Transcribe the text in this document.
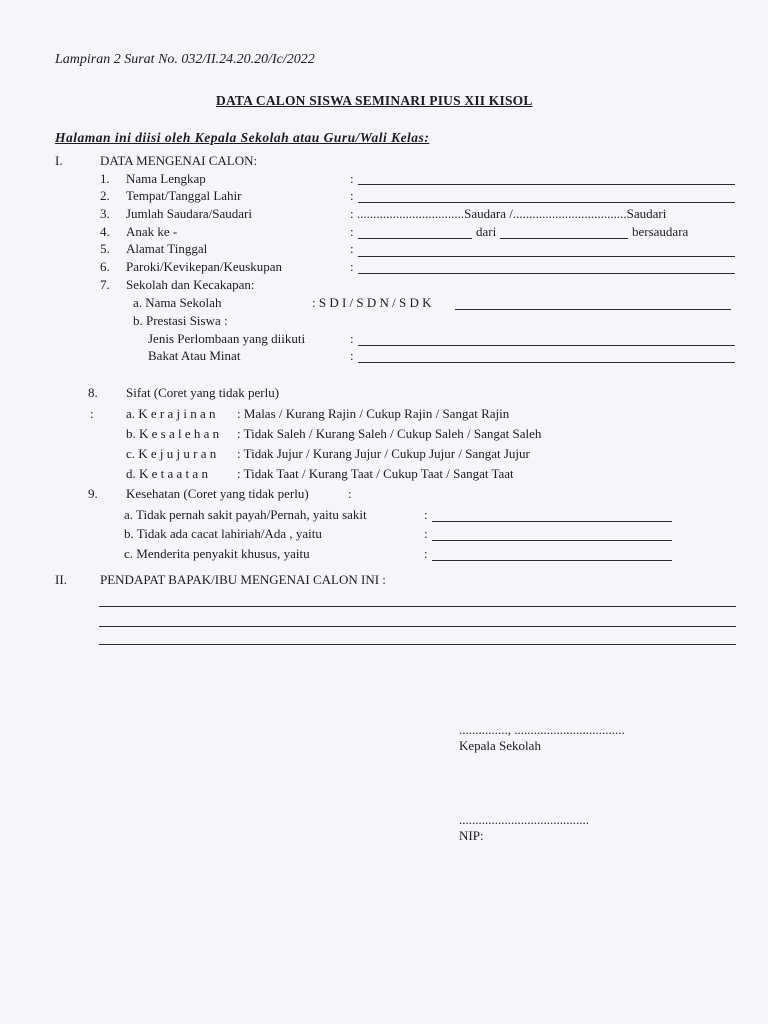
Lampiran 2 Surat No. 032/II.24.20.20/Ic/2022
DATA CALON SISWA SEMINARI PIUS XII KISOL
Halaman ini diisi oleh Kepala Sekolah atau Guru/Wali Kelas:
I.	DATA MENGENAI CALON:
1. Nama Lengkap	:
2. Tempat/Tanggal Lahir	:
3. Jumlah Saudara/Saudari	: .................................Saudara /...................................Saudari
4. Anak ke -	:	dari	bersaudara
5. Alamat Tinggal	:
6. Paroki/Kevikepan/Keuskupan	:
7. Sekolah dan Kecakapan:
a. Nama Sekolah	: S D I / S D N / S D K
b. Prestasi Siswa :
Jenis Perlombaan yang diikuti	:
Bakat Atau Minat	:
8. Sifat (Coret yang tidak perlu)
: a. K e r a j i n a n : Malas / Kurang Rajin / Cukup Rajin / Sangat Rajin
b. K e s a l e h a n : Tidak Saleh / Kurang Saleh / Cukup Saleh / Sangat Saleh
c. K e j u j u r a n : Tidak Jujur / Kurang Jujur / Cukup Jujur / Sangat Jujur
d. K e t a a t a n : Tidak Taat / Kurang Taat / Cukup Taat / Sangat Taat
9. Kesehatan (Coret yang tidak perlu)	:
a. Tidak pernah sakit payah/Pernah, yaitu sakit	:
b. Tidak ada cacat lahiriah/Ada , yaitu	:
c. Menderita penyakit khusus, yaitu	:
II.	PENDAPAT BAPAK/IBU MENGENAI CALON INI :
..............., ..................................
Kepala Sekolah
........................................
NIP:
